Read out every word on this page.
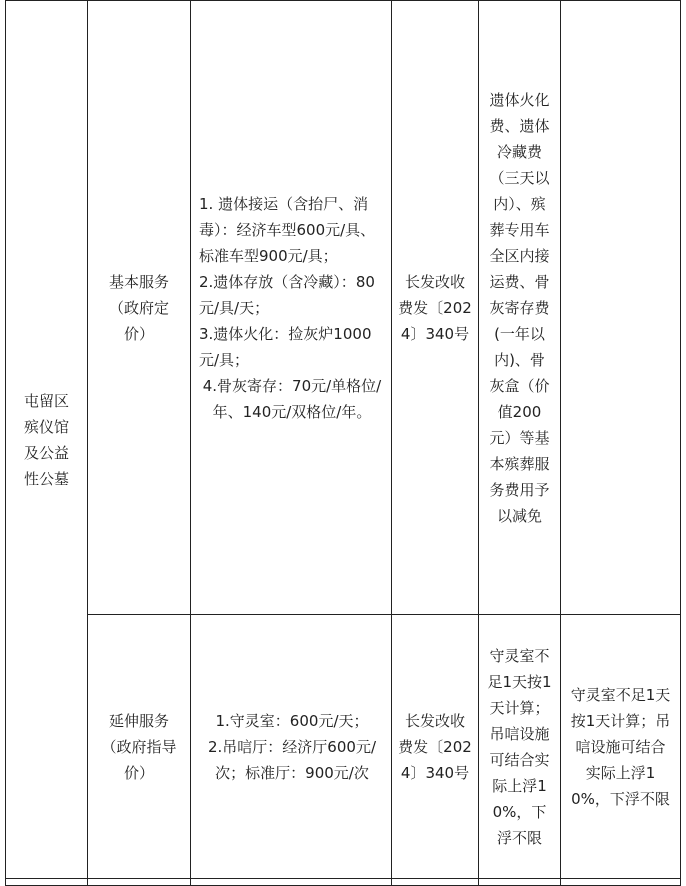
屯留区殡仪馆及公益性公墓	基本服务（政府定价）	1. 遗体接运（含抬尸、消毒）：经济车型600元/具、标准车型900元/具；
2.遗体存放（含冷藏）：80元/具/天；
3.遗体火化：捡灰炉1000元/具；
4.骨灰寄存：70元/单格位/年、140元/双格位/年。	长发改收费发〔2024〕340号	遗体火化费、遗体冷藏费（三天以内）、殡葬专用车全区内接运费、骨灰寄存费(一年以内)、骨灰盒（价值200元）等基本殡葬服务费用予以减免	
	延伸服务（政府指导价）	1.守灵室：600元/天；
2.吊唁厅：经济厅600元/次；标准厅：900元/次	长发改收费发〔2024〕340号	守灵室不足1天按1天计算；吊唁设施可结合实际上浮10%，下浮不限	守灵室不足1天按1天计算；吊唁设施可结合实际上浮10%，下浮不限
